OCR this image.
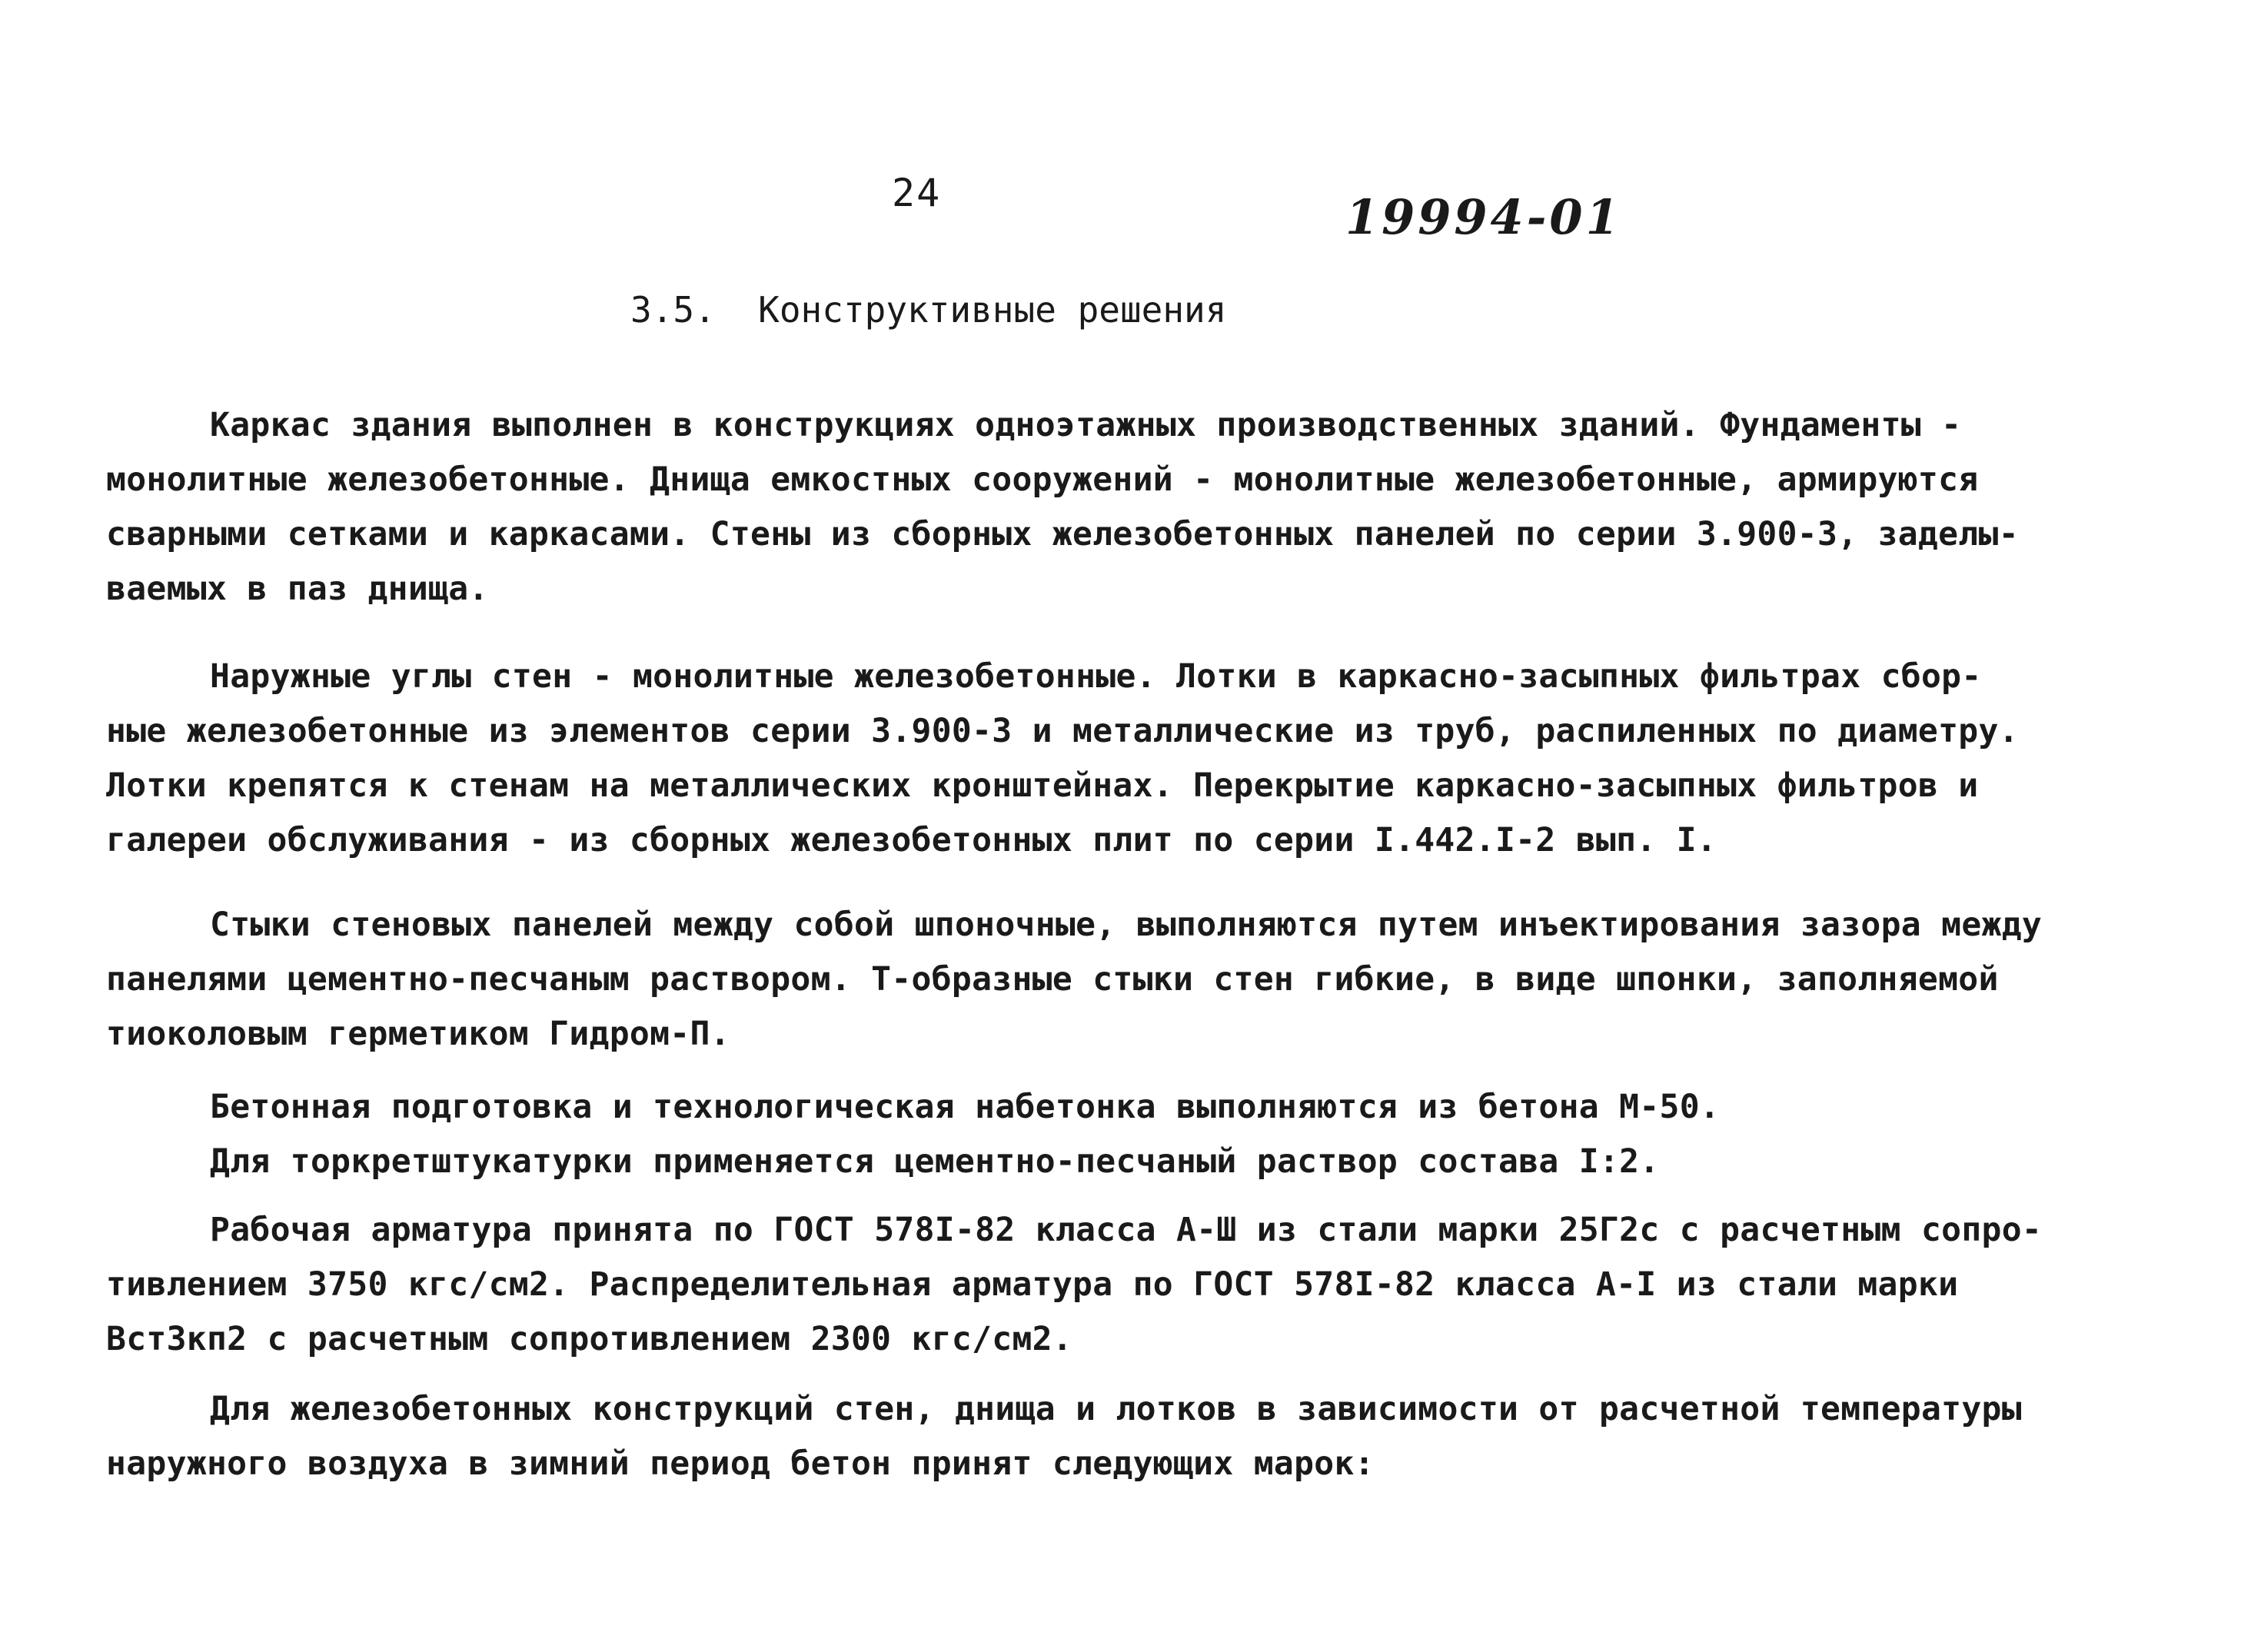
24	19994-01
3.5.  Конструктивные решения
Каркас здания выполнен в конструкциях одноэтажных производственных зданий. Фундаменты -
монолитные железобетонные. Днища емкостных сооружений - монолитные железобетонные, армируются
сварными сетками и каркасами. Стены из сборных железобетонных панелей по серии 3.900-3, заделы-
ваемых в паз днища.
Наружные углы стен - монолитные железобетонные. Лотки в каркасно-засыпных фильтрах сбор-
ные железобетонные из элементов серии 3.900-3 и металлические из труб, распиленных по диаметру.
Лотки крепятся к стенам на металлических кронштейнах. Перекрытие каркасно-засыпных фильтров и
галереи обслуживания - из сборных железобетонных плит по серии I.442.I-2 вып. I.
Стыки стеновых панелей между собой шпоночные, выполняются путем инъектирования зазора между
панелями цементно-песчаным раствором. Т-образные стыки стен гибкие, в виде шпонки, заполняемой
тиоколовым герметиком Гидром-П.
Бетонная подготовка и технологическая набетонка выполняются из бетона М-50.
Для торкретштукатурки применяется цементно-песчаный раствор состава I:2.
Рабочая арматура принята по ГОСТ 578I-82 класса А-Ш из стали марки 25Г2с с расчетным сопро-
тивлением 3750 кгс/см2. Распределительная арматура по ГОСТ 578I-82 класса А-I из стали марки
ВстЗкп2 с расчетным сопротивлением 2300 кгс/см2.
Для железобетонных конструкций стен, днища и лотков в зависимости от расчетной температуры
наружного воздуха в зимний период бетон принят следующих марок:
